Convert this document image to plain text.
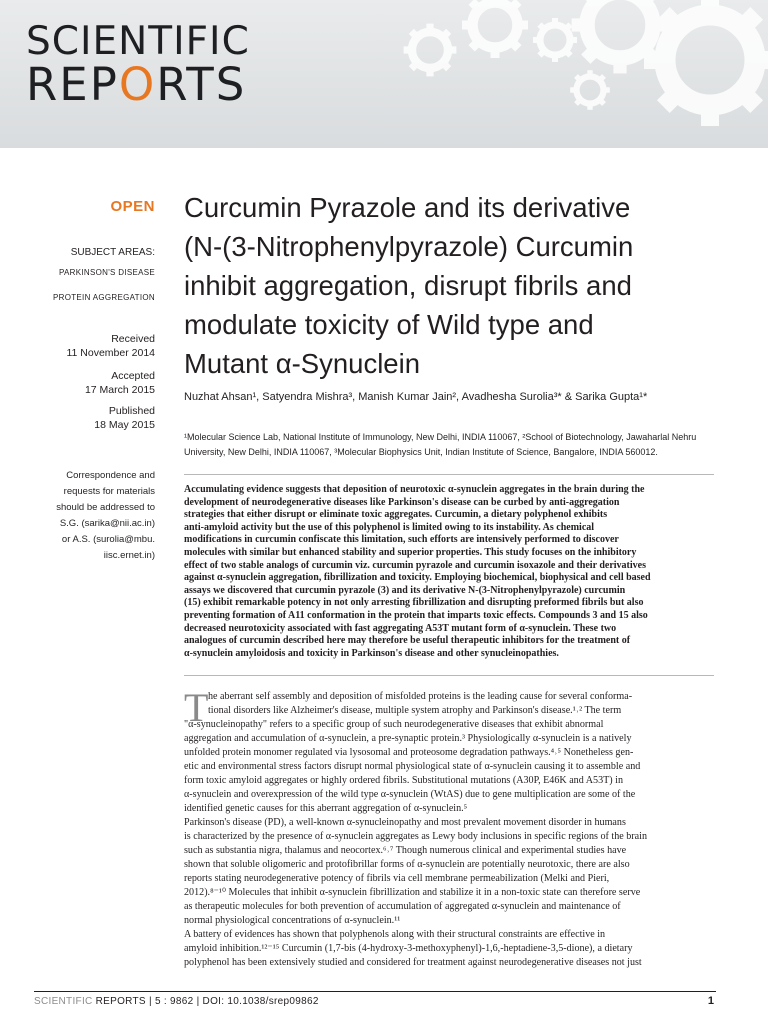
SCIENTIFIC
REPORTS
OPEN
SUBJECT AREAS:
PARKINSON'S DISEASE
PROTEIN AGGREGATION
Received
11 November 2014
Accepted
17 March 2015
Published
18 May 2015
Correspondence and
requests for materials
should be addressed to
S.G. (sarika@nii.ac.in)
or A.S. (surolia@mbu.
iisc.ernet.in)
Curcumin Pyrazole and its derivative
(N-(3-Nitrophenylpyrazole) Curcumin
inhibit aggregation, disrupt fibrils and
modulate toxicity of Wild type and
Mutant α-Synuclein
Nuzhat Ahsan¹, Satyendra Mishra³, Manish Kumar Jain², Avadhesha Surolia³* & Sarika Gupta¹*
¹Molecular Science Lab, National Institute of Immunology, New Delhi, INDIA 110067, ²School of Biotechnology, Jawaharlal Nehru
University, New Delhi, INDIA 110067, ³Molecular Biophysics Unit, Indian Institute of Science, Bangalore, INDIA 560012.
Accumulating evidence suggests that deposition of neurotoxic α-synuclein aggregates in the brain during the
development of neurodegenerative diseases like Parkinson's disease can be curbed by anti-aggregation
strategies that either disrupt or eliminate toxic aggregates. Curcumin, a dietary polyphenol exhibits
anti-amyloid activity but the use of this polyphenol is limited owing to its instability. As chemical
modifications in curcumin confiscate this limitation, such efforts are intensively performed to discover
molecules with similar but enhanced stability and superior properties. This study focuses on the inhibitory
effect of two stable analogs of curcumin viz. curcumin pyrazole and curcumin isoxazole and their derivatives
against α-synuclein aggregation, fibrillization and toxicity. Employing biochemical, biophysical and cell based
assays we discovered that curcumin pyrazole (3) and its derivative N-(3-Nitrophenylpyrazole) curcumin
(15) exhibit remarkable potency in not only arresting fibrillization and disrupting preformed fibrils but also
preventing formation of A11 conformation in the protein that imparts toxic effects. Compounds 3 and 15 also
decreased neurotoxicity associated with fast aggregating A53T mutant form of α-synuclein. These two
analogues of curcumin described here may therefore be useful therapeutic inhibitors for the treatment of
α-synuclein amyloidosis and toxicity in Parkinson's disease and other synucleinopathies.
T he aberrant self assembly and deposition of misfolded proteins is the leading cause for several conforma-
tional disorders like Alzheimer's disease, multiple system atrophy and Parkinson's disease.¹˒² The term
"α-synucleinopathy" refers to a specific group of such neurodegenerative diseases that exhibit abnormal
aggregation and accumulation of α-synuclein, a pre-synaptic protein.³ Physiologically α-synuclein is a natively
unfolded protein monomer regulated via lysosomal and proteosome degradation pathways.⁴˒⁵ Nonetheless gen-
etic and environmental stress factors disrupt normal physiological state of α-synuclein causing it to assemble and
form toxic amyloid aggregates or highly ordered fibrils. Substitutional mutations (A30P, E46K and A53T) in
α-synuclein and overexpression of the wild type α-synuclein (WtAS) due to gene multiplication are some of the
identified genetic causes for this aberrant aggregation of α-synuclein.⁵
Parkinson's disease (PD), a well-known α-synucleinopathy and most prevalent movement disorder in humans
is characterized by the presence of α-synuclein aggregates as Lewy body inclusions in specific regions of the brain
such as substantia nigra, thalamus and neocortex.⁶˒⁷ Though numerous clinical and experimental studies have
shown that soluble oligomeric and protofibrillar forms of α-synuclein are potentially neurotoxic, there are also
reports stating neurodegenerative potency of fibrils via cell membrane permeabilization (Melki and Pieri,
2012).⁸⁻¹⁰ Molecules that inhibit α-synuclein fibrillization and stabilize it in a non-toxic state can therefore serve
as therapeutic molecules for both prevention of accumulation of aggregated α-synuclein and maintenance of
normal physiological concentrations of α-synuclein.¹¹
A battery of evidences has shown that polyphenols along with their structural constraints are effective in
amyloid inhibition.¹²⁻¹⁵ Curcumin (1,7-bis (4-hydroxy-3-methoxyphenyl)-1,6,-heptadiene-3,5-dione), a dietary
polyphenol has been extensively studied and considered for treatment against neurodegenerative diseases not just
SCIENTIFIC REPORTS | 5 : 9862 | DOI: 10.1038/srep09862	1
